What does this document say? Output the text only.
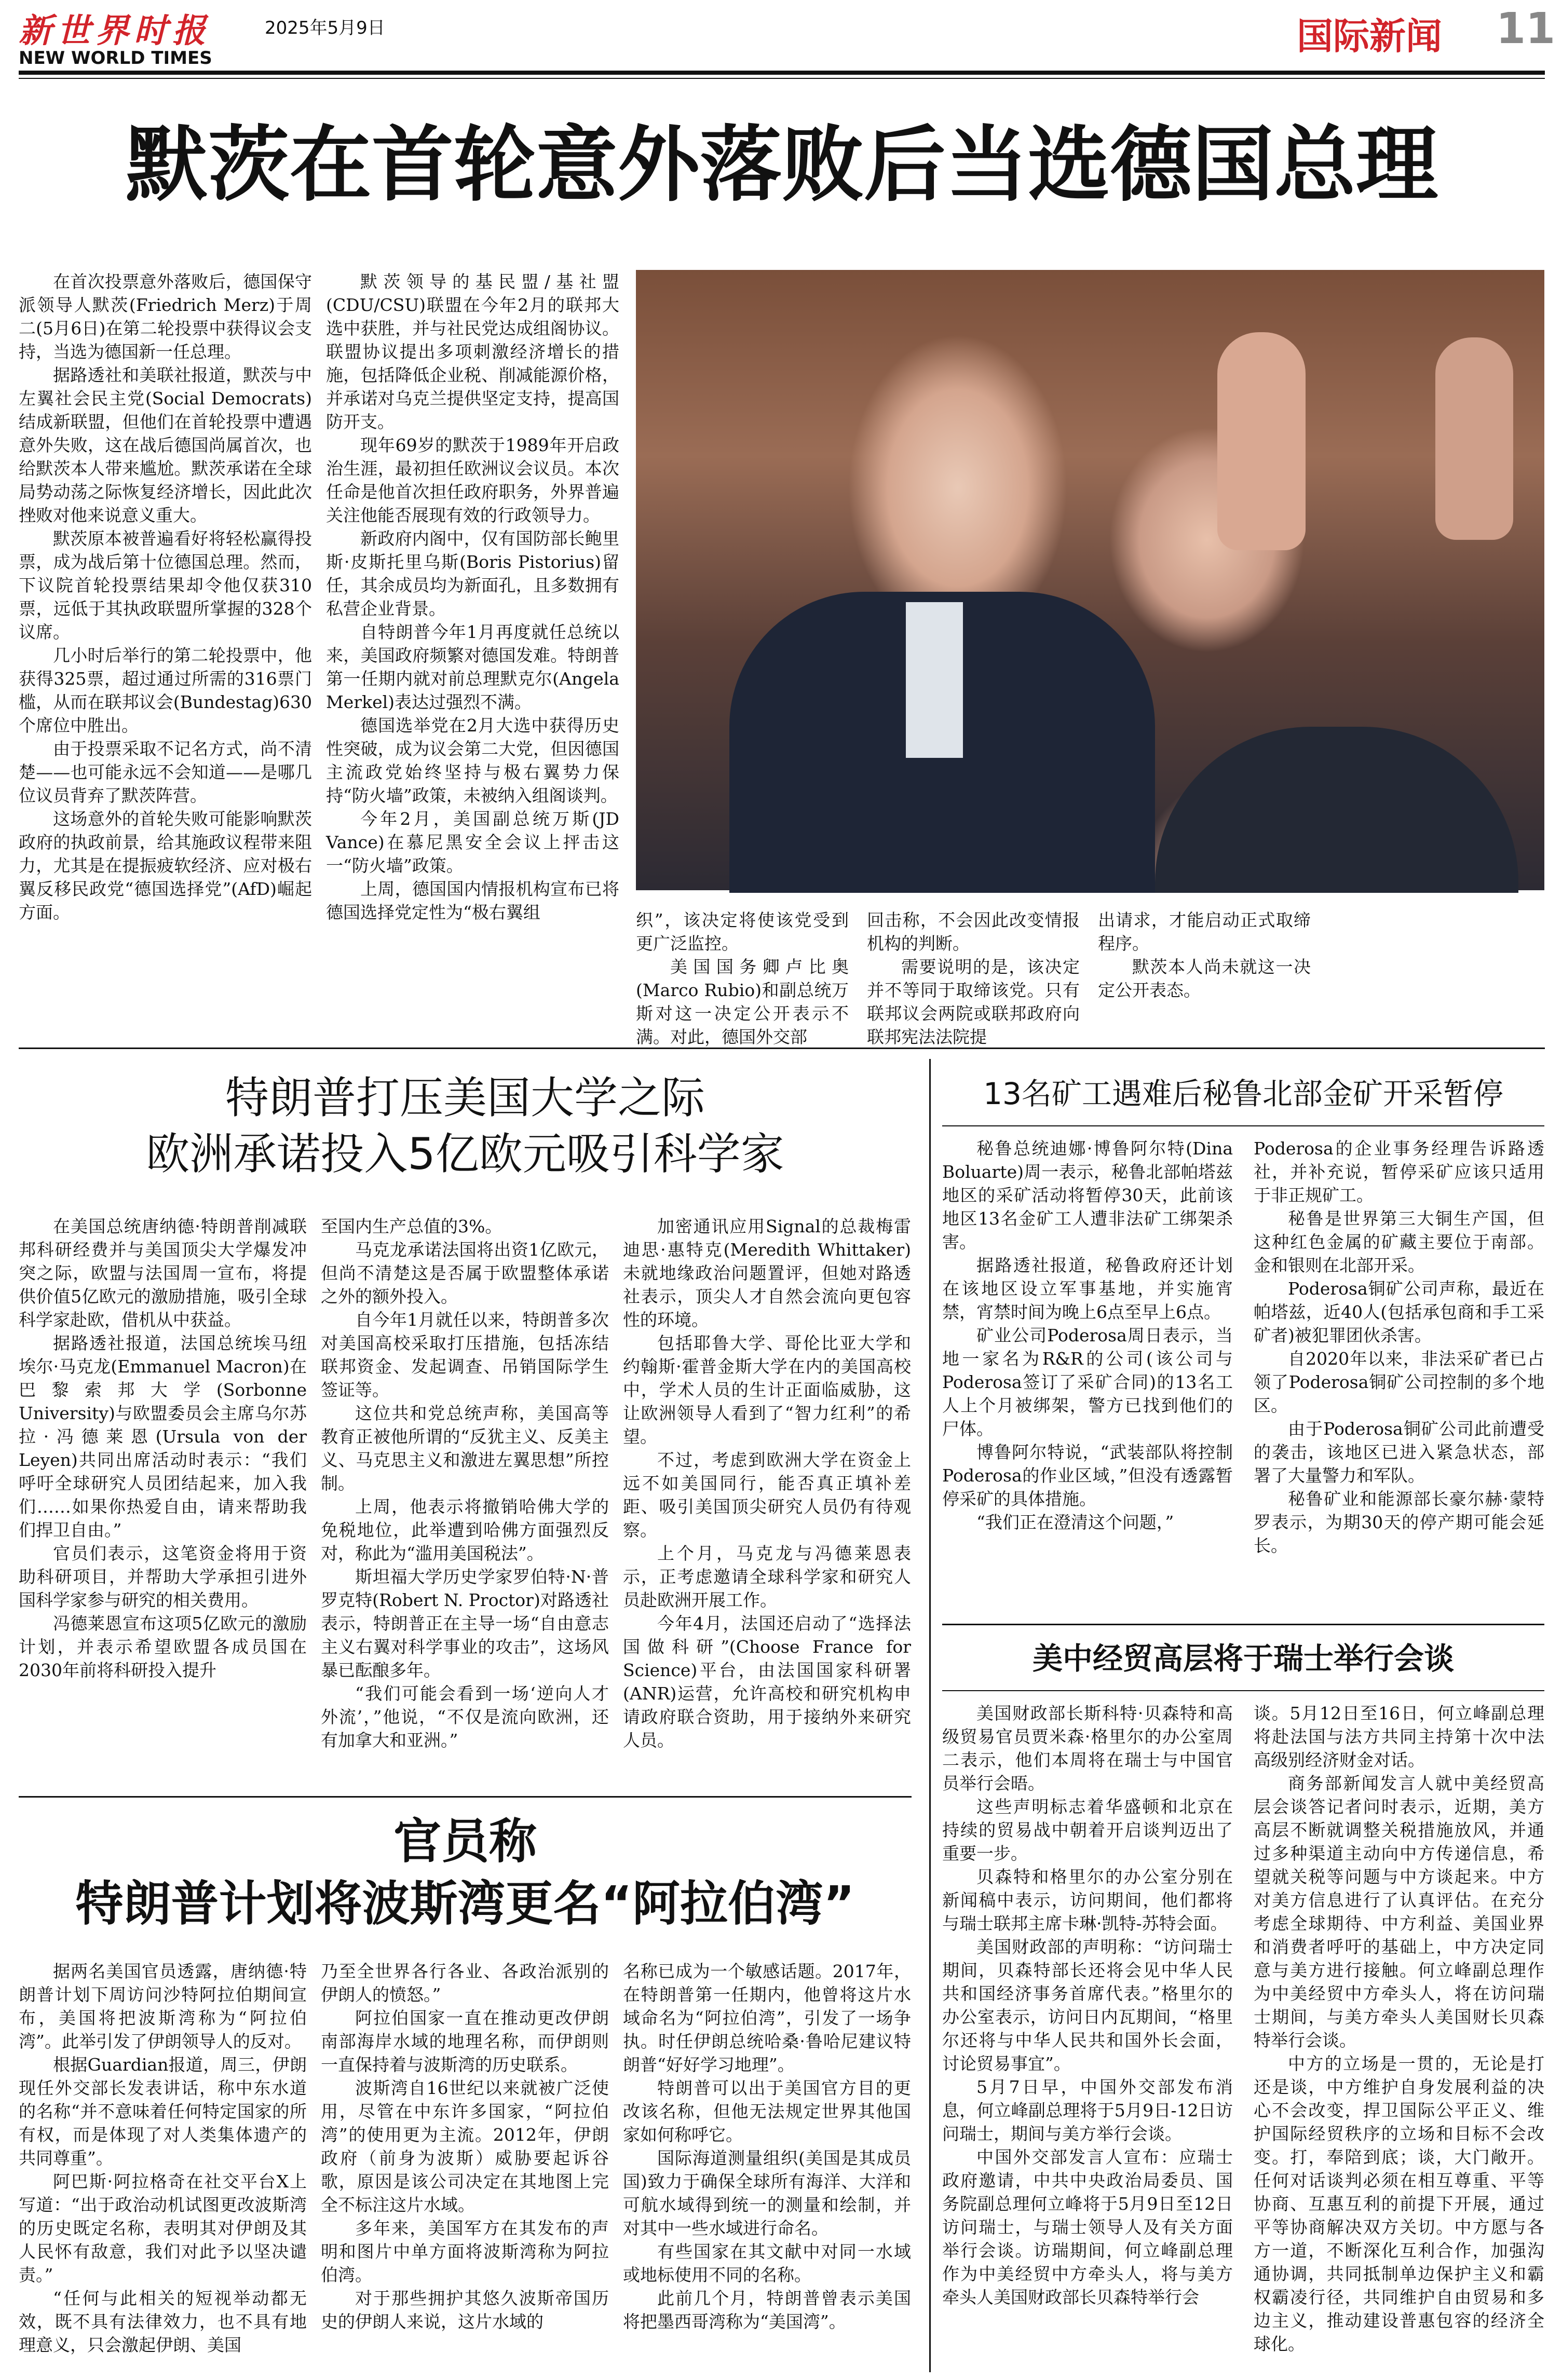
新世界时报
NEW WORLD TIMES
2025年5月9日	国际新闻 11
默茨在首轮意外落败后当选德国总理

在首次投票意外落败后，德国保守派领导人默茨(Friedrich Merz)于周二(5月6日)在第二轮投票中获得议会支持，当选为德国新一任总理。

据路透社和美联社报道，默茨与中左翼社会民主党(Social Democrats)结成新联盟，但他们在首轮投票中遭遇意外失败，这在战后德国尚属首次，也给默茨本人带来尴尬。默茨承诺在全球局势动荡之际恢复经济增长，因此此次挫败对他来说意义重大。

默茨原本被普遍看好将轻松赢得投票，成为战后第十位德国总理。然而，下议院首轮投票结果却令他仅获310票，远低于其执政联盟所掌握的328个议席。

几小时后举行的第二轮投票中，他获得325票，超过通过所需的316票门槛，从而在联邦议会(Bundestag)630个席位中胜出。

由于投票采取不记名方式，尚不清楚——也可能永远不会知道——是哪几位议员背弃了默茨阵营。

这场意外的首轮失败可能影响默茨政府的执政前景，给其施政议程带来阻力，尤其是在提振疲软经济、应对极右翼反移民政党“德国选择党”(AfD)崛起方面。

默茨领导的基民盟/基社盟(CDU/CSU)联盟在今年2月的联邦大选中获胜，并与社民党达成组阁协议。联盟协议提出多项刺激经济增长的措施，包括降低企业税、削减能源价格，并承诺对乌克兰提供坚定支持，提高国防开支。

现年69岁的默茨于1989年开启政治生涯，最初担任欧洲议会议员。本次任命是他首次担任政府职务，外界普遍关注他能否展现有效的行政领导力。

新政府内阁中，仅有国防部长鲍里斯·皮斯托里乌斯(Boris Pistorius)留任，其余成员均为新面孔，且多数拥有私营企业背景。

自特朗普今年1月再度就任总统以来，美国政府频繁对德国发难。特朗普第一任期内就对前总理默克尔(Angela Merkel)表达过强烈不满。

德国选举党在2月大选中获得历史性突破，成为议会第二大党，但因德国主流政党始终坚持与极右翼势力保持“防火墙”政策，未被纳入组阁谈判。

今年2月，美国副总统万斯(JD Vance)在慕尼黑安全会议上抨击这一“防火墙”政策。

上周，德国国内情报机构宣布已将德国选择党定性为“极右翼组	织”，该决定将使该党受到更广泛监控。

美国国务卿卢比奥(Marco Rubio)和副总统万斯对这一决定公开表示不满。对此，德国外交部

回击称，不会因此改变情报机构的判断。

需要说明的是，该决定并不等同于取缔该党。只有联邦议会两院或联邦政府向联邦宪法法院提

出请求，才能启动正式取缔程序。

默茨本人尚未就这一决定公开表态。

特朗普打压美国大学之际
欧洲承诺投入5亿欧元吸引科学家

在美国总统唐纳德·特朗普削减联邦科研经费并与美国顶尖大学爆发冲突之际，欧盟与法国周一宣布，将提供价值5亿欧元的激励措施，吸引全球科学家赴欧，借机从中获益。

据路透社报道，法国总统埃马纽埃尔·马克龙(Emmanuel Macron)在巴黎索邦大学(Sorbonne University)与欧盟委员会主席乌尔苏拉·冯德莱恩(Ursula von der Leyen)共同出席活动时表示：“我们呼吁全球研究人员团结起来，加入我们……如果你热爱自由，请来帮助我们捍卫自由。”

官员们表示，这笔资金将用于资助科研项目，并帮助大学承担引进外国科学家参与研究的相关费用。

冯德莱恩宣布这项5亿欧元的激励计划，并表示希望欧盟各成员国在2030年前将科研投入提升

至国内生产总值的3%。

马克龙承诺法国将出资1亿欧元，但尚不清楚这是否属于欧盟整体承诺之外的额外投入。

自今年1月就任以来，特朗普多次对美国高校采取打压措施，包括冻结联邦资金、发起调查、吊销国际学生签证等。

这位共和党总统声称，美国高等教育正被他所谓的“反犹主义、反美主义、马克思主义和激进左翼思想”所控制。

上周，他表示将撤销哈佛大学的免税地位，此举遭到哈佛方面强烈反对，称此为“滥用美国税法”。

斯坦福大学历史学家罗伯特·N·普罗克特(Robert N. Proctor)对路透社表示，特朗普正在主导一场“自由意志主义右翼对科学事业的攻击”，这场风暴已酝酿多年。

“我们可能会看到一场‘逆向人才外流’，”他说，“不仅是流向欧洲，还有加拿大和亚洲。”

加密通讯应用Signal的总裁梅雷迪思·惠特克(Meredith Whittaker)未就地缘政治问题置评，但她对路透社表示，顶尖人才自然会流向更包容性的环境。

包括耶鲁大学、哥伦比亚大学和约翰斯·霍普金斯大学在内的美国高校中，学术人员的生计正面临威胁，这让欧洲领导人看到了“智力红利”的希望。

不过，考虑到欧洲大学在资金上远不如美国同行，能否真正填补差距、吸引美国顶尖研究人员仍有待观察。

上个月，马克龙与冯德莱恩表示，正考虑邀请全球科学家和研究人员赴欧洲开展工作。

今年4月，法国还启动了“选择法国做科研”(Choose France for Science)平台，由法国国家科研署(ANR)运营，允许高校和研究机构申请政府联合资助，用于接纳外来研究人员。

官员称
特朗普计划将波斯湾更名“阿拉伯湾”

据两名美国官员透露，唐纳德·特朗普计划下周访问沙特阿拉伯期间宣布，美国将把波斯湾称为“阿拉伯湾”。此举引发了伊朗领导人的反对。

根据Guardian报道，周三，伊朗现任外交部长发表讲话，称中东水道的名称“并不意味着任何特定国家的所有权，而是体现了对人类集体遗产的共同尊重”。

阿巴斯·阿拉格奇在社交平台X上写道：“出于政治动机试图更改波斯湾的历史既定名称，表明其对伊朗及其人民怀有敌意，我们对此予以坚决谴责。”

“任何与此相关的短视举动都无效，既不具有法律效力，也不具有地理意义，只会激起伊朗、美国

乃至全世界各行各业、各政治派别的伊朗人的愤怒。”

阿拉伯国家一直在推动更改伊朗南部海岸水域的地理名称，而伊朗则一直保持着与波斯湾的历史联系。

波斯湾自16世纪以来就被广泛使用，尽管在中东许多国家，“阿拉伯湾”的使用更为主流。2012年，伊朗政府（前身为波斯）威胁要起诉谷歌，原因是该公司决定在其地图上完全不标注这片水域。

多年来，美国军方在其发布的声明和图片中单方面将波斯湾称为阿拉伯湾。

对于那些拥护其悠久波斯帝国历史的伊朗人来说，这片水域的

名称已成为一个敏感话题。2017年，在特朗普第一任期内，他曾将这片水域命名为“阿拉伯湾”，引发了一场争执。时任伊朗总统哈桑·鲁哈尼建议特朗普“好好学习地理”。

特朗普可以出于美国官方目的更改该名称，但他无法规定世界其他国家如何称呼它。

国际海道测量组织(美国是其成员国)致力于确保全球所有海洋、大洋和可航水域得到统一的测量和绘制，并对其中一些水域进行命名。

有些国家在其文献中对同一水域或地标使用不同的名称。

此前几个月，特朗普曾表示美国将把墨西哥湾称为“美国湾”。

13名矿工遇难后秘鲁北部金矿开采暂停

秘鲁总统迪娜·博鲁阿尔特(Dina Boluarte)周一表示，秘鲁北部帕塔兹地区的采矿活动将暂停30天，此前该地区13名金矿工人遭非法矿工绑架杀害。

据路透社报道，秘鲁政府还计划在该地区设立军事基地，并实施宵禁，宵禁时间为晚上6点至早上6点。

矿业公司Poderosa周日表示，当地一家名为R&R的公司(该公司与Poderosa签订了采矿合同)的13名工人上个月被绑架，警方已找到他们的尸体。

博鲁阿尔特说，“武装部队将控制Poderosa的作业区域，”但没有透露暂停采矿的具体措施。

“我们正在澄清这个问题，”

Poderosa的企业事务经理告诉路透社，并补充说，暂停采矿应该只适用于非正规矿工。

秘鲁是世界第三大铜生产国，但这种红色金属的矿藏主要位于南部。金和银则在北部开采。

Poderosa铜矿公司声称，最近在帕塔兹，近40人(包括承包商和手工采矿者)被犯罪团伙杀害。

自2020年以来，非法采矿者已占领了Poderosa铜矿公司控制的多个地区。

由于Poderosa铜矿公司此前遭受的袭击，该地区已进入紧急状态，部署了大量警力和军队。

秘鲁矿业和能源部长豪尔赫·蒙特罗表示，为期30天的停产期可能会延长。

美中经贸高层将于瑞士举行会谈

美国财政部长斯科特·贝森特和高级贸易官员贾米森·格里尔的办公室周二表示，他们本周将在瑞士与中国官员举行会晤。

这些声明标志着华盛顿和北京在持续的贸易战中朝着开启谈判迈出了重要一步。

贝森特和格里尔的办公室分别在新闻稿中表示，访问期间，他们都将与瑞士联邦主席卡琳·凯特-苏特会面。

美国财政部的声明称：“访问瑞士期间，贝森特部长还将会见中华人民共和国经济事务首席代表。”格里尔的办公室表示，访问日内瓦期间，“格里尔还将与中华人民共和国外长会面，讨论贸易事宜”。

5月7日早，中国外交部发布消息，何立峰副总理将于5月9日-12日访问瑞士，期间与美方举行会谈。

中国外交部发言人宣布：应瑞士政府邀请，中共中央政治局委员、国务院副总理何立峰将于5月9日至12日访问瑞士，与瑞士领导人及有关方面举行会谈。访瑞期间，何立峰副总理作为中美经贸中方牵头人，将与美方牵头人美国财政部长贝森特举行会

谈。5月12日至16日，何立峰副总理将赴法国与法方共同主持第十次中法高级别经济财金对话。

商务部新闻发言人就中美经贸高层会谈答记者问时表示，近期，美方高层不断就调整关税措施放风，并通过多种渠道主动向中方传递信息，希望就关税等问题与中方谈起来。中方对美方信息进行了认真评估。在充分考虑全球期待、中方利益、美国业界和消费者呼吁的基础上，中方决定同意与美方进行接触。何立峰副总理作为中美经贸中方牵头人，将在访问瑞士期间，与美方牵头人美国财长贝森特举行会谈。

中方的立场是一贯的，无论是打还是谈，中方维护自身发展利益的决心不会改变，捍卫国际公平正义、维护国际经贸秩序的立场和目标不会改变。打，奉陪到底；谈，大门敞开。任何对话谈判必须在相互尊重、平等协商、互惠互利的前提下开展，通过平等协商解决双方关切。中方愿与各方一道，不断深化互利合作，加强沟通协调，共同抵制单边保护主义和霸权霸凌行径，共同维护自由贸易和多边主义，推动建设普惠包容的经济全球化。
